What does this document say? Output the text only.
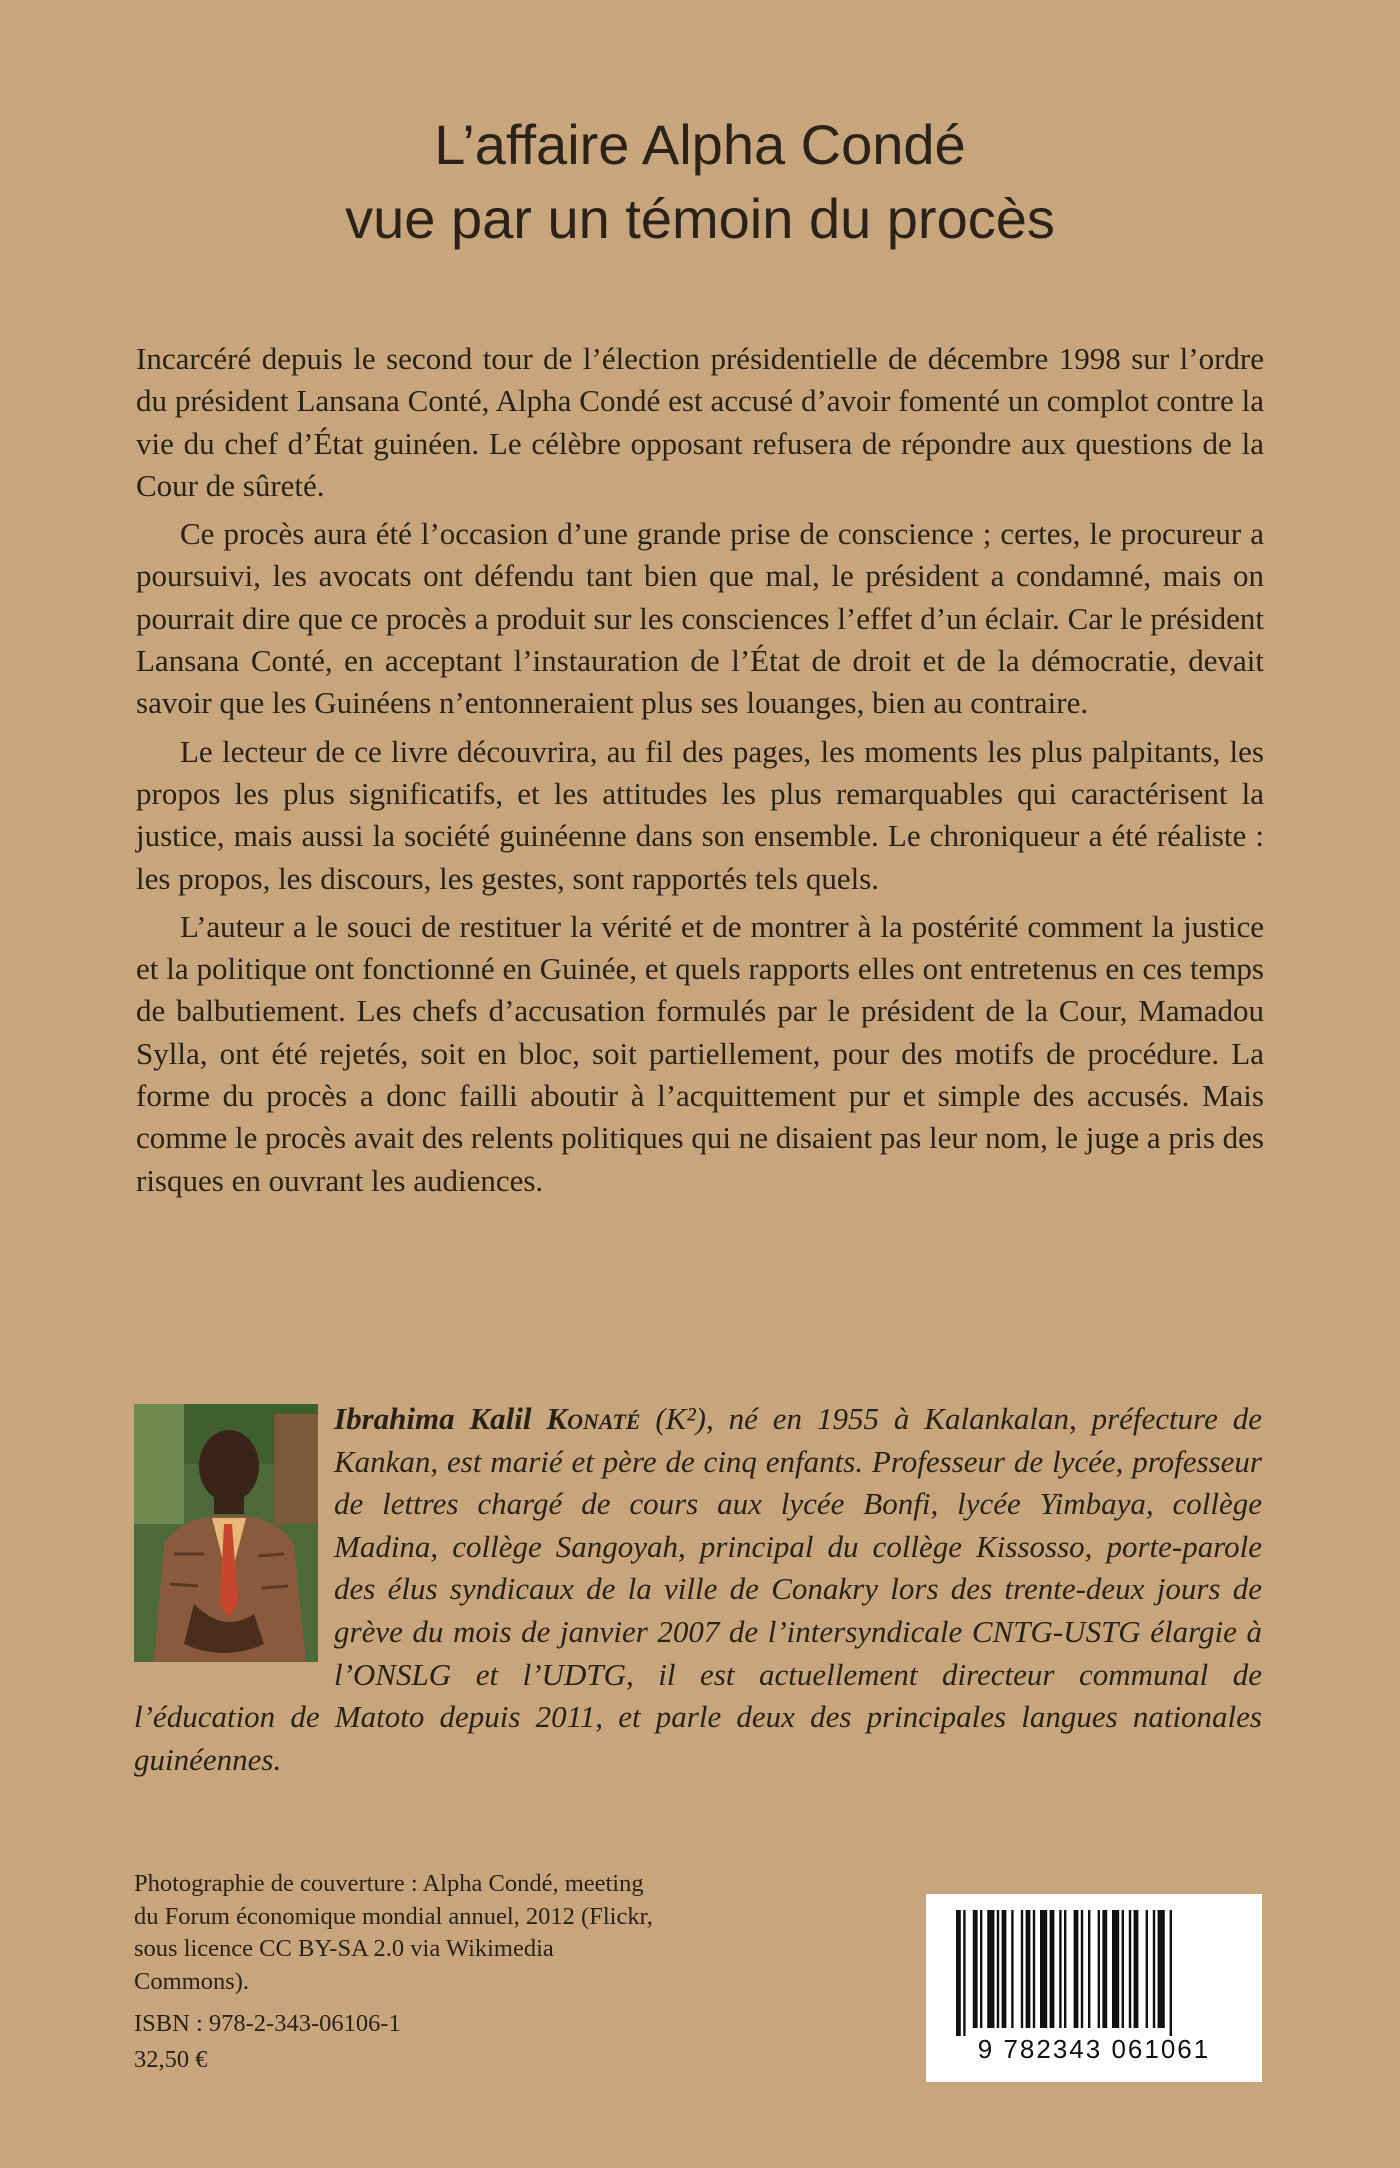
L’affaire Alpha Condé
vue par un témoin du procès

Incarcéré depuis le second tour de l’élection présidentielle de décembre 1998 sur l’ordre du président Lansana Conté, Alpha Condé est accusé d’avoir fomenté un complot contre la vie du chef d’État guinéen. Le célèbre opposant refusera de répondre aux questions de la Cour de sûreté.

Ce procès aura été l’occasion d’une grande prise de conscience ; certes, le procureur a poursuivi, les avocats ont défendu tant bien que mal, le président a condamné, mais on pourrait dire que ce procès a produit sur les consciences l’effet d’un éclair. Car le président Lansana Conté, en acceptant l’instauration de l’État de droit et de la démocratie, devait savoir que les Guinéens n’entonneraient plus ses louanges, bien au contraire.

Le lecteur de ce livre découvrira, au fil des pages, les moments les plus palpitants, les propos les plus significatifs, et les attitudes les plus remarquables qui caractérisent la justice, mais aussi la société guinéenne dans son ensemble. Le chroniqueur a été réaliste : les propos, les discours, les gestes, sont rapportés tels quels.

L’auteur a le souci de restituer la vérité et de montrer à la postérité comment la justice et la politique ont fonctionné en Guinée, et quels rapports elles ont entretenus en ces temps de balbutiement. Les chefs d’accusation formulés par le président de la Cour, Mamadou Sylla, ont été rejetés, soit en bloc, soit partiellement, pour des motifs de procédure. La forme du procès a donc failli aboutir à l’acquittement pur et simple des accusés. Mais comme le procès avait des relents politiques qui ne disaient pas leur nom, le juge a pris des risques en ouvrant les audiences.

Ibrahima Kalil Konaté (K²), né en 1955 à Kalankalan, préfecture de Kankan, est marié et père de cinq enfants. Professeur de lycée, professeur de lettres chargé de cours aux lycée Bonfi, lycée Yimbaya, collège Madina, collège Sangoyah, principal du collège Kissosso, porte-parole des élus syndicaux de la ville de Conakry lors des trente-deux jours de grève du mois de janvier 2007 de l’intersyndicale CNTG-USTG élargie à l’ONSLG et l’UDTG, il est actuellement directeur communal de l’éducation de Matoto depuis 2011, et parle deux des principales langues nationales guinéennes.
Photographie de couverture : Alpha Condé, meeting du Forum économique mondial annuel, 2012 (Flickr, sous licence CC BY-SA 2.0 via Wikimedia Commons).
ISBN : 978-2-343-06106-1
32,50 €	9 782343 061061
